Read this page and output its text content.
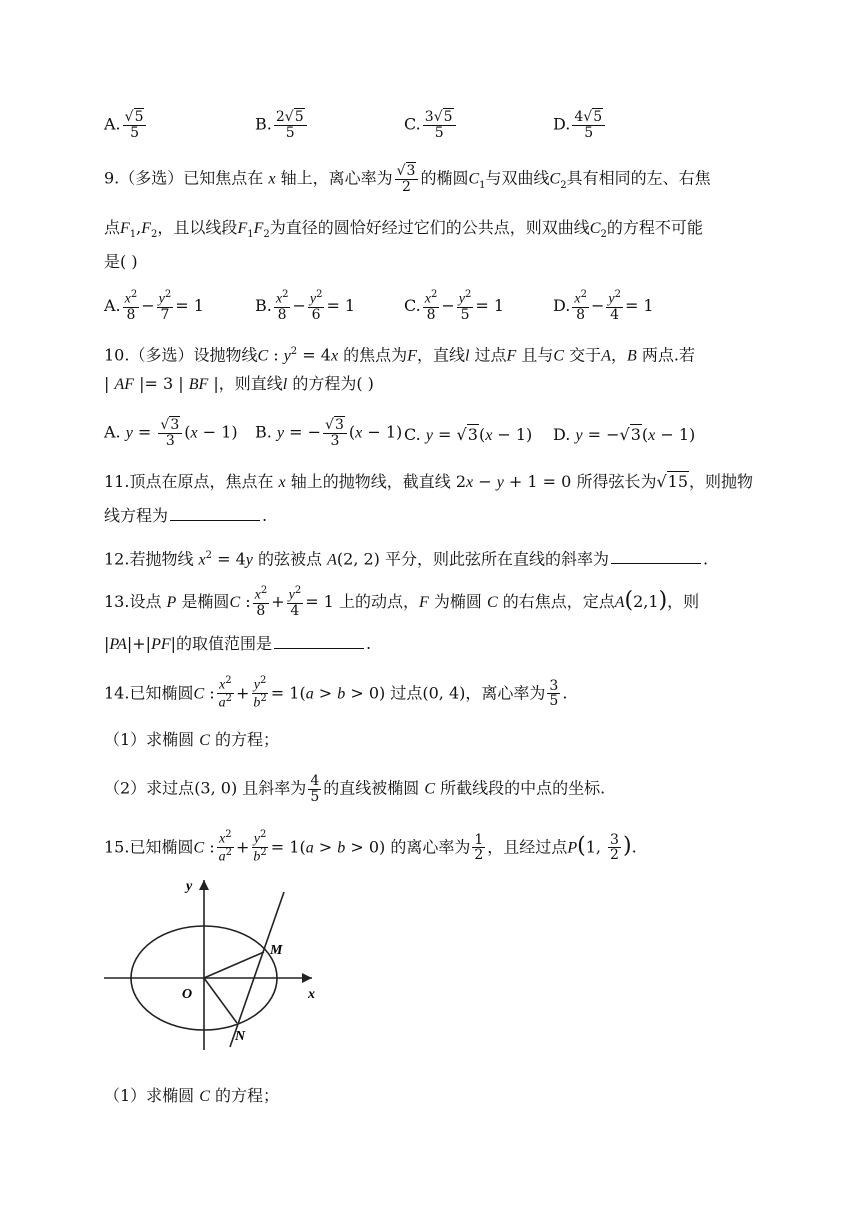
A. $\frac{√5}{5}$	B. $\frac{2√5}{5}$	C. $\frac{3√5}{5}$	D. $\frac{4√5}{5}$
9.（多选）已知焦点在 x 轴上，离心率为 $\frac{√3}{2}$ 的椭圆$C_1$与双曲线$C_2$具有相同的左、右焦
点$F_1,F_2$，且以线段$F_1F_2$为直径的圆恰好经过它们的公共点，则双曲线$C_2$的方程不可能
是( )
A. $\frac{x^2}{8} - \frac{y^2}{7} = 1$	B. $\frac{x^2}{8} - \frac{y^2}{6} = 1$	C. $\frac{x^2}{8} - \frac{y^2}{5} = 1$	D. $\frac{x^2}{8} - \frac{y^2}{4} = 1$
10.（多选）设抛物线C : $y^2 = 4x$ 的焦点为F，直线l 过点F 且与C 交于A，B 两点.若
| AF |= 3 | BF |，则直线l 的方程为( )
A. $y = \frac{√3}{3} (x - 1)$ B. y = − $\frac{√3}{3} (x - 1)$ C. y = √3(x − 1) D. y = −√3(x − 1)
11.顶点在原点，焦点在 x 轴上的抛物线，截直线 2x − y + 1 = 0 所得弦长为√15，则抛物
线方程为	.
12.若抛物线 $x^2 = 4y$ 的弦被点 A(2, 2) 平分，则此弦所在直线的斜率为	.
13.设点 P 是椭圆C : $\frac{x^2}{8} + \frac{y^2}{4} = 1$ 上的动点，F 为椭圆 C 的右焦点，定点A(2,1)，则
|PA|+|PF|的取值范围是	.
14.已知椭圆C : $\frac{x^2}{a^2} + \frac{y^2}{b^2} = 1(a > b > 0)$ 过点(0, 4)，离心率为 $\frac{3}{5}$ .
（1）求椭圆 C 的方程；
（2）求过点(3, 0) 且斜率为 $\frac{4}{5}$ 的直线被椭圆 C 所截线段的中点的坐标.
15.已知椭圆C : $\frac{x^2}{a^2} + \frac{y^2}{b^2} = 1(a > b > 0)$ 的离心率为 $\frac{1}{2}$ ，且经过点P(1, $\frac{3}{2}$ ).
y
x
O
M
N
（1）求椭圆 C 的方程；
